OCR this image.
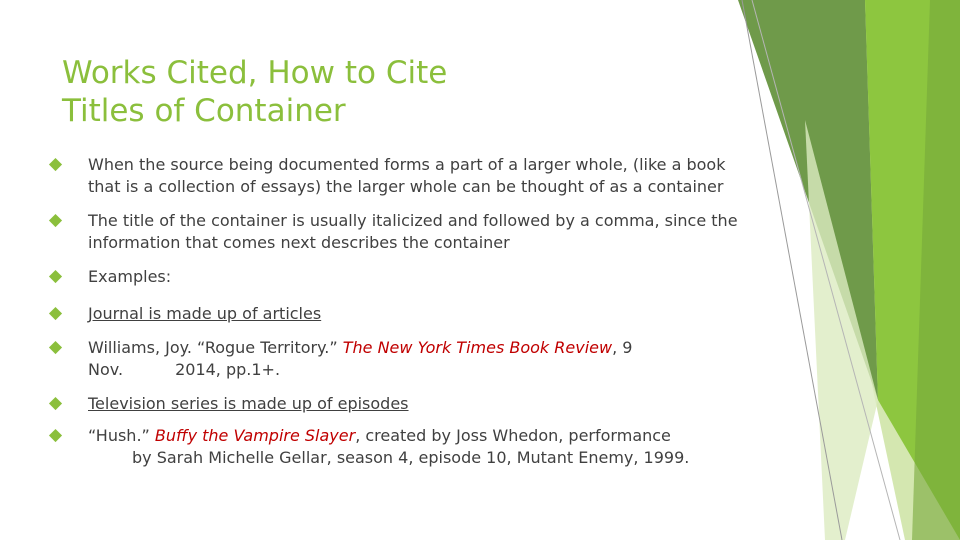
Works Cited, How to Cite
Titles of Container
When the source being documented forms a part of a larger whole, (like a book that is a collection of essays) the larger whole can be thought of as a container
The title of the container is usually italicized and followed by a comma, since the information that comes next describes the container
Examples:
Journal is made up of articles
Williams, Joy. “Rogue Territory.” The New York Times Book Review, 9
Nov.	2014, pp.1+.
Television series is made up of episodes
“Hush.” Buffy the Vampire Slayer, created by Joss Whedon, performance
by Sarah Michelle Gellar, season 4, episode 10, Mutant Enemy, 1999.
